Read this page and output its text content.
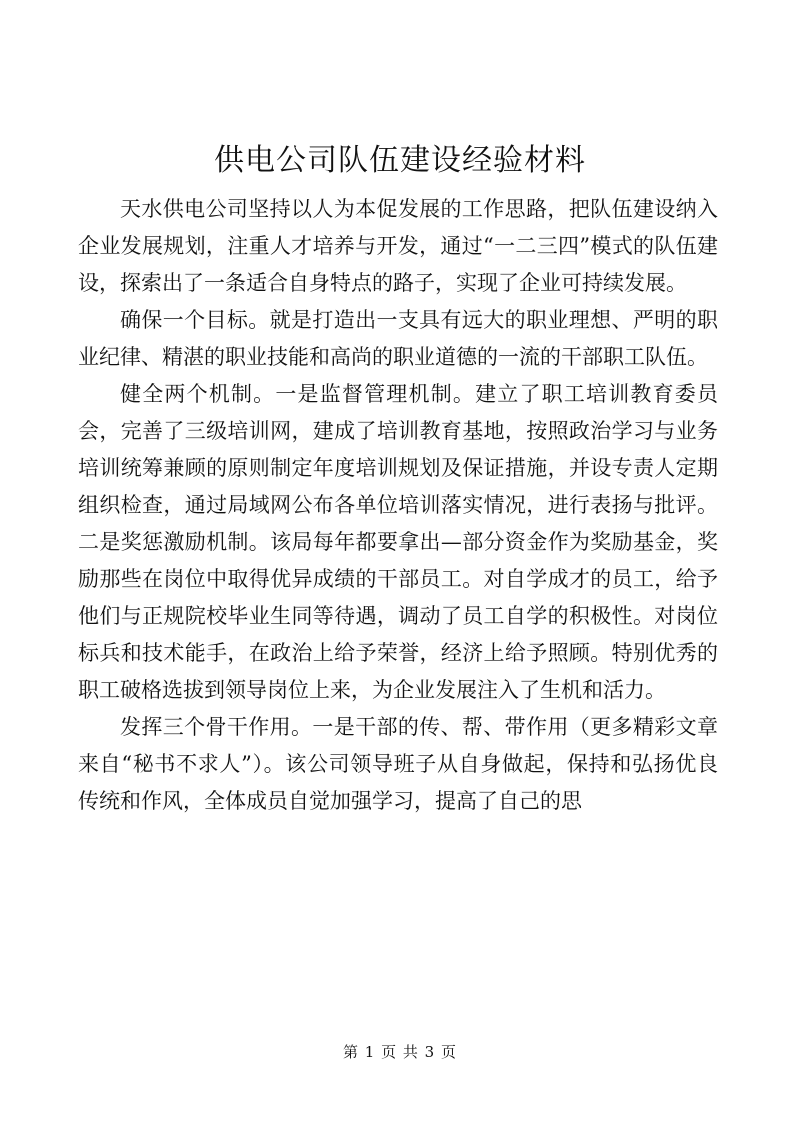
供电公司队伍建设经验材料

天水供电公司坚持以人为本促发展的工作思路，把队伍建设纳入企业发展规划，注重人才培养与开发，通过“一二三四”模式的队伍建设，探索出了一条适合自身特点的路子，实现了企业可持续发展。

确保一个目标。就是打造出一支具有远大的职业理想、严明的职业纪律、精湛的职业技能和高尚的职业道德的一流的干部职工队伍。

健全两个机制。一是监督管理机制。建立了职工培训教育委员会，完善了三级培训网，建成了培训教育基地，按照政治学习与业务培训统筹兼顾的原则制定年度培训规划及保证措施，并设专责人定期组织检查，通过局域网公布各单位培训落实情况，进行表扬与批评。二是奖惩激励机制。该局每年都要拿出—部分资金作为奖励基金，奖励那些在岗位中取得优异成绩的干部员工。对自学成才的员工，给予他们与正规院校毕业生同等待遇，调动了员工自学的积极性。对岗位标兵和技术能手，在政治上给予荣誉，经济上给予照顾。特别优秀的职工破格选拔到领导岗位上来，为企业发展注入了生机和活力。

发挥三个骨干作用。一是干部的传、帮、带作用（更多精彩文章来自“秘书不求人”）。该公司领导班子从自身做起，保持和弘扬优良传统和作风，全体成员自觉加强学习，提高了自己的思

第 1 页 共 3 页
